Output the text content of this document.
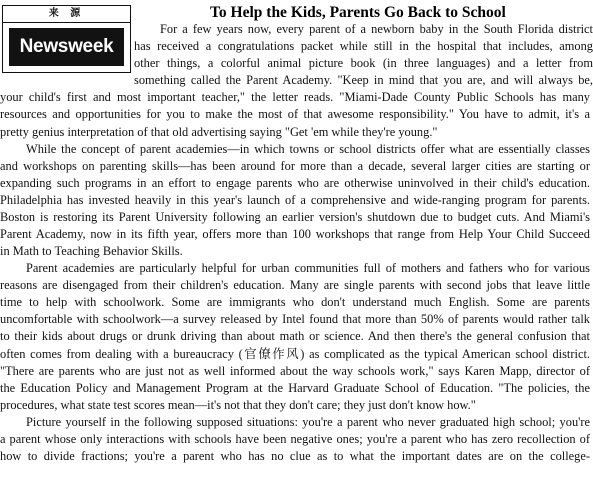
来 源
Newsweek
To Help the Kids, Parents Go Back to School
For a few years now, every parent of a newborn baby in the South Florida district
has received a congratulations packet while still in the hospital that includes, among
other things, a colorful animal picture book (in three languages) and a letter from
something called the Parent Academy. "Keep in mind that you are, and will always be,
your child's first and most important teacher," the letter reads. "Miami-Dade County Public Schools has many
resources and opportunities for you to make the most of that awesome responsibility." You have to admit, it's a
pretty genius interpretation of that old advertising saying "Get 'em while they're young."
While the concept of parent academies—in which towns or school districts offer what are essentially classes
and workshops on parenting skills—has been around for more than a decade, several larger cities are starting or
expanding such programs in an effort to engage parents who are otherwise uninvolved in their child's education.
Philadelphia has invested heavily in this year's launch of a comprehensive and wide-ranging program for parents.
Boston is restoring its Parent University following an earlier version's shutdown due to budget cuts. And Miami's
Parent Academy, now in its fifth year, offers more than 100 workshops that range from Help Your Child Succeed
in Math to Teaching Behavior Skills.
Parent academies are particularly helpful for urban communities full of mothers and fathers who for various
reasons are disengaged from their children's education. Many are single parents with second jobs that leave little
time to help with schoolwork. Some are immigrants who don't understand much English. Some are parents
uncomfortable with schoolwork—a survey released by Intel found that more than 50% of parents would rather talk
to their kids about drugs or drunk driving than about math or science. And then there's the general confusion that
often comes from dealing with a bureaucracy (官僚作风) as complicated as the typical American school district.
"There are parents who are just not as well informed about the way schools work," says Karen Mapp, director of
the Education Policy and Management Program at the Harvard Graduate School of Education. "The policies, the
procedures, what state test scores mean—it's not that they don't care; they just don't know how."
Picture yourself in the following supposed situations: you're a parent who never graduated high school; you're
a parent whose only interactions with schools have been negative ones; you're a parent who has zero recollection of
how to divide fractions; you're a parent who has no clue as to what the important dates are on the college-
